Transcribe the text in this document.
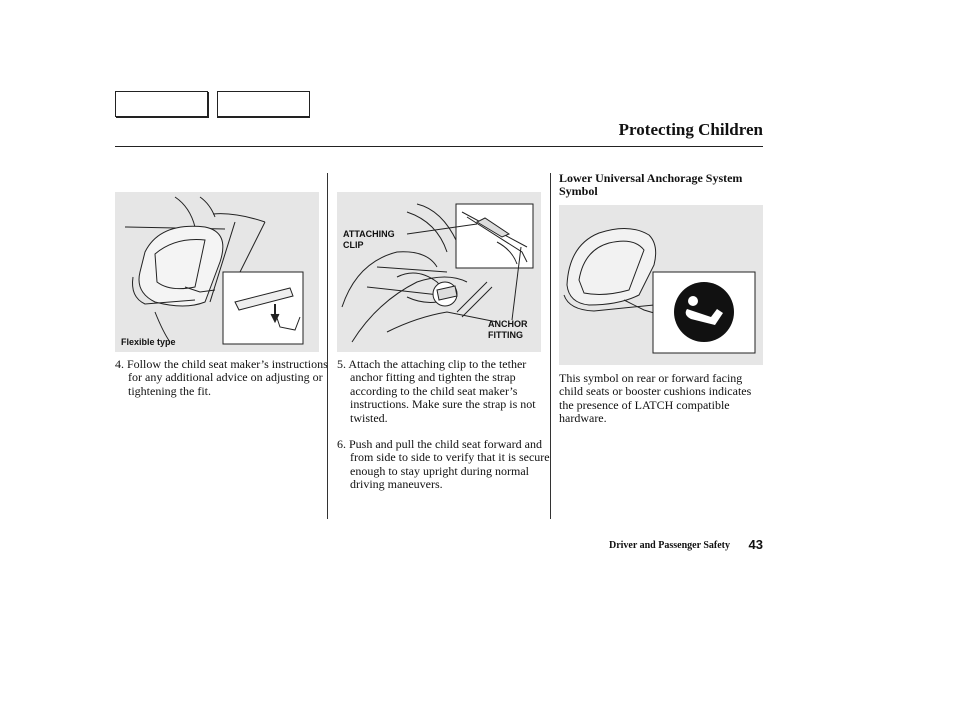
Protecting Children
Flexible type
4. Follow the child seat maker’s instructions for any additional advice on adjusting or tightening the fit.
ATTACHING
CLIP
ANCHOR
FITTING
5. Attach the attaching clip to the tether anchor fitting and tighten the strap according to the child seat maker’s instructions. Make sure the strap is not twisted.
6. Push and pull the child seat forward and from side to side to verify that it is secure enough to stay upright during normal driving maneuvers.
Lower Universal Anchorage System Symbol
This symbol on rear or forward facing child seats or booster cushions indicates the presence of LATCH compatible hardware.
Driver and Passenger Safety 43
